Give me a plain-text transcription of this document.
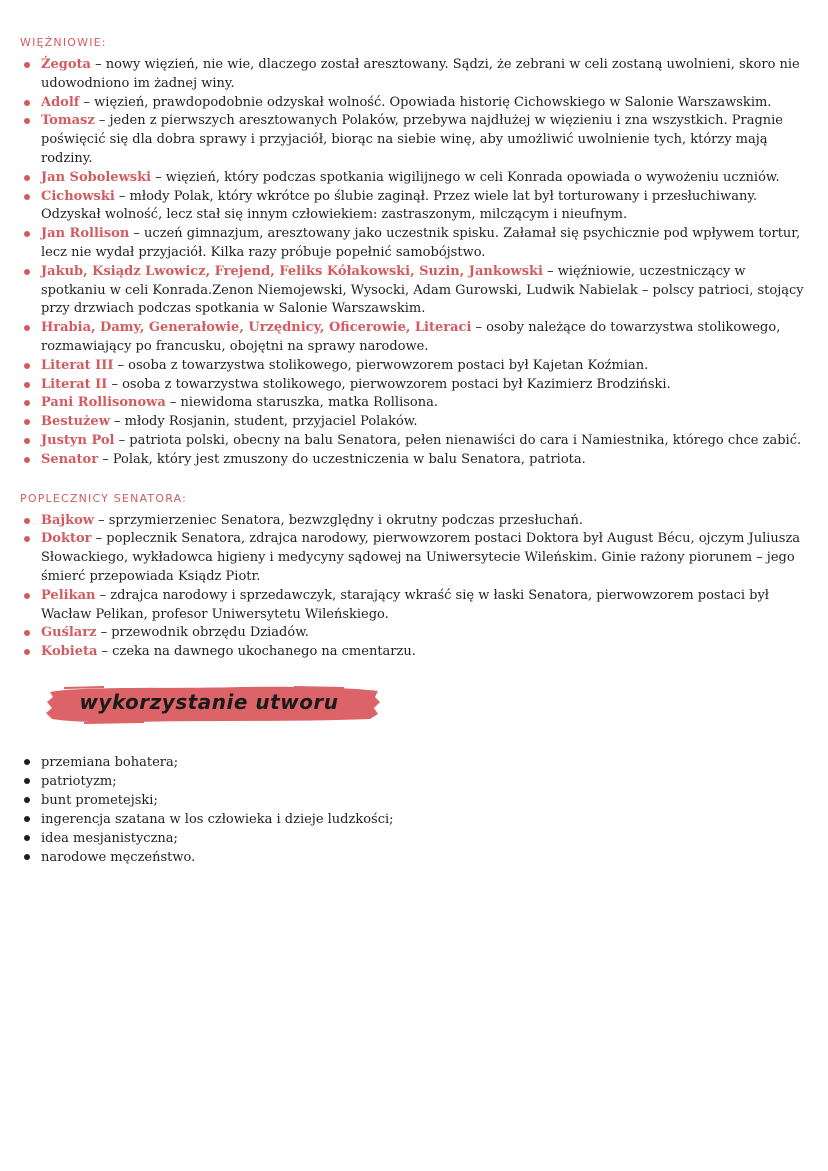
WIĘŹNIOWIE:
Żegota – nowy więzień, nie wie, dlaczego został aresztowany. Sądzi, że zebrani w celi zostaną uwolnieni, skoro nie udowodniono im żadnej winy.
Adolf – więzień, prawdopodobnie odzyskał wolność. Opowiada historię Cichowskiego w Salonie Warszawskim.
Tomasz – jeden z pierwszych aresztowanych Polaków, przebywa najdłużej w więzieniu i zna wszystkich. Pragnie poświęcić się dla dobra sprawy i przyjaciół, biorąc na siebie winę, aby umożliwić uwolnienie tych, którzy mają rodziny.
Jan Sobolewski – więzień, który podczas spotkania wigilijnego w celi Konrada opowiada o wywożeniu uczniów.
Cichowski – młody Polak, który wkrótce po ślubie zaginął. Przez wiele lat był torturowany i przesłuchiwany. Odzyskał wolność, lecz stał się innym człowiekiem: zastraszonym, milczącym i nieufnym.
Jan Rollison – uczeń gimnazjum, aresztowany jako uczestnik spisku. Załamał się psychicznie pod wpływem tortur, lecz nie wydał przyjaciół. Kilka razy próbuje popełnić samobójstwo.
Jakub, Ksiądz Lwowicz, Frejend, Feliks Kółakowski, Suzin, Jankowski – więźniowie, uczestniczący w spotkaniu w celi Konrada.Zenon Niemojewski, Wysocki, Adam Gurowski, Ludwik Nabielak – polscy patrioci, stojący przy drzwiach podczas spotkania w Salonie Warszawskim.
Hrabia, Damy, Generałowie, Urzędnicy, Oficerowie, Literaci – osoby należące do towarzystwa stolikowego, rozmawiający po francusku, obojętni na sprawy narodowe.
Literat III – osoba z towarzystwa stolikowego, pierwowzorem postaci był Kajetan Koźmian.
Literat II – osoba z towarzystwa stolikowego, pierwowzorem postaci był Kazimierz Brodziński.
Pani Rollisonowa – niewidoma staruszka, matka Rollisona.
Bestużew – młody Rosjanin, student, przyjaciel Polaków.
Justyn Pol – patriota polski, obecny na balu Senatora, pełen nienawiści do cara i Namiestnika, którego chce zabić.
Senator – Polak, który jest zmuszony do uczestniczenia w balu Senatora, patriota.
POPLECZNICY SENATORA:
Bajkow – sprzymierzeniec Senatora, bezwzględny i okrutny podczas przesłuchań.
Doktor – poplecznik Senatora, zdrajca narodowy, pierwowzorem postaci Doktora był August Bécu, ojczym Juliusza Słowackiego, wykładowca higieny i medycyny sądowej na Uniwersytecie Wileńskim. Ginie rażony piorunem – jego śmierć przepowiada Ksiądz Piotr.
Pelikan – zdrajca narodowy i sprzedawczyk, starający wkraść się w łaski Senatora, pierwowzorem postaci był Wacław Pelikan, profesor Uniwersytetu Wileńskiego.
Guślarz – przewodnik obrzędu Dziadów.
Kobieta – czeka na dawnego ukochanego na cmentarzu.
wykorzystanie utworu
przemiana bohatera;
patriotyzm;
bunt prometejski;
ingerencja szatana w los człowieka i dzieje ludzkości;
idea mesjanistyczna;
narodowe męczeństwo.
